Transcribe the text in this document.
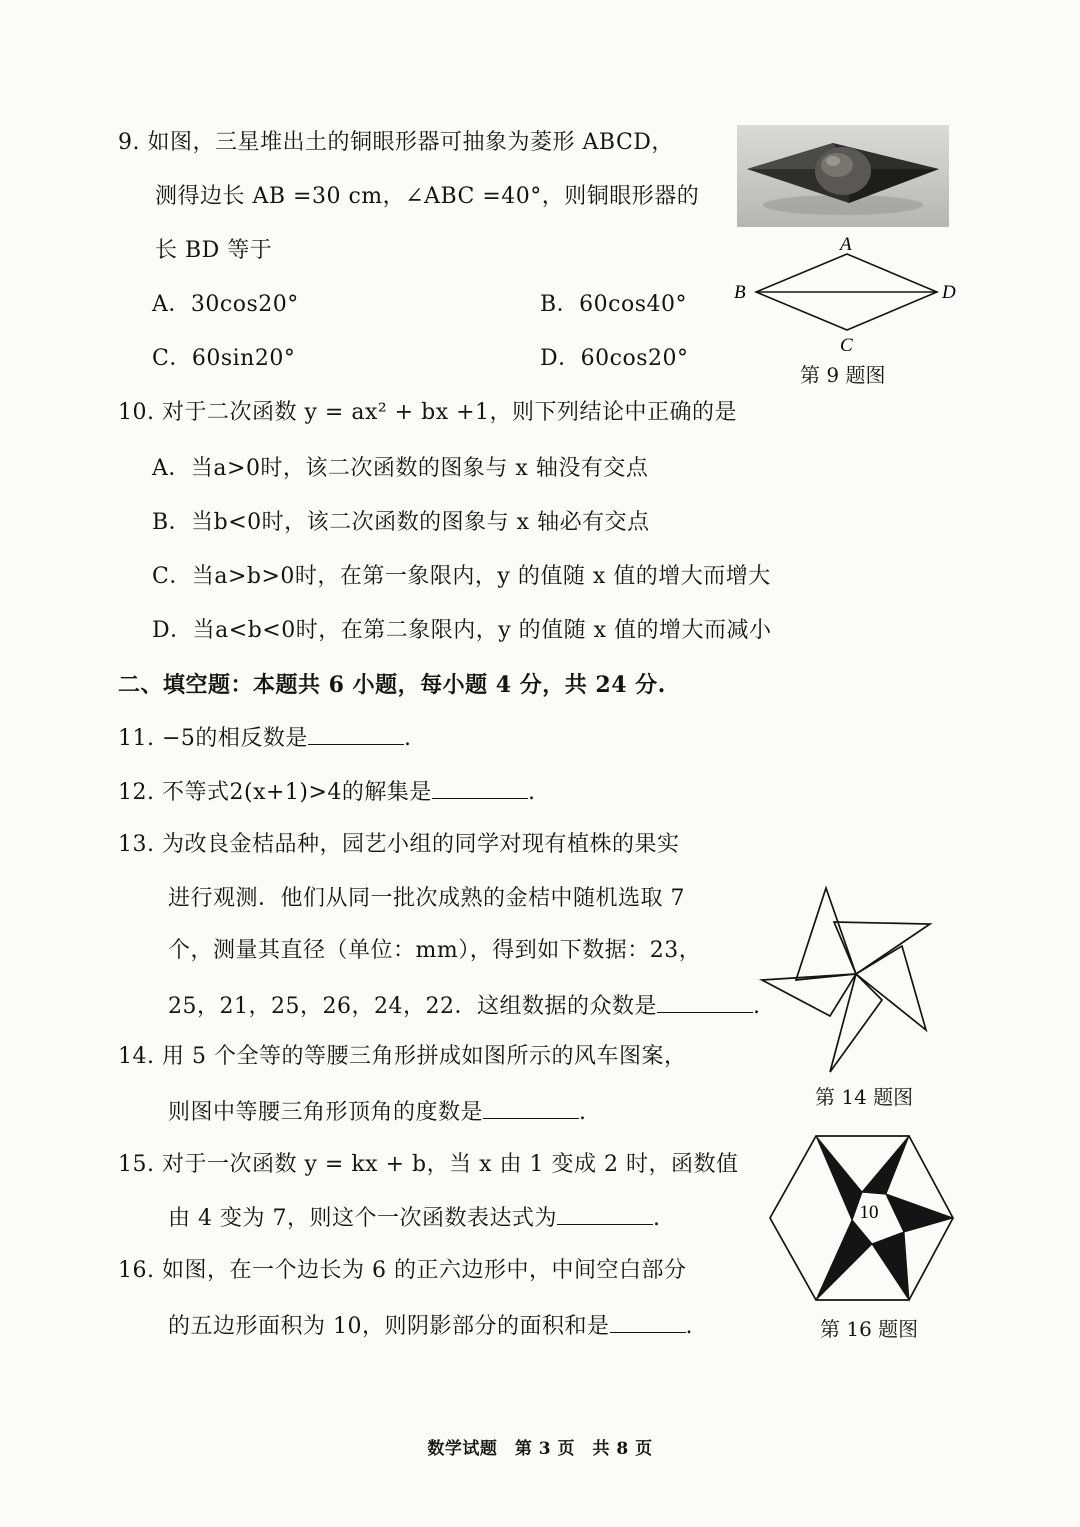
9. 如图，三星堆出土的铜眼形器可抽象为菱形 ABCD，
测得边长 AB =30 cm，∠ABC =40°，则铜眼形器的
长 BD 等于
A．30cos20°	B．60cos40°
C．60sin20°	D．60cos20°
A
B
C
D
第 9 题图
10. 对于二次函数 y = ax² + bx +1，则下列结论中正确的是
A．当a>0时，该二次函数的图象与 x 轴没有交点
B．当b<0时，该二次函数的图象与 x 轴必有交点
C．当a>b>0时，在第一象限内，y 的值随 x 值的增大而增大
D．当a<b<0时，在第二象限内，y 的值随 x 值的增大而减小
二、填空题：本题共 6 小题，每小题 4 分，共 24 分.
11. −5的相反数是	.
12. 不等式2(x+1)>4的解集是	.
13. 为改良金桔品种，园艺小组的同学对现有植株的果实
进行观测．他们从同一批次成熟的金桔中随机选取 7
个，测量其直径（单位：mm），得到如下数据：23，
25，21，25，26，24，22．这组数据的众数是	.
14. 用 5 个全等的等腰三角形拼成如图所示的风车图案，
则图中等腰三角形顶角的度数是	.
第 14 题图
15. 对于一次函数 y = kx + b，当 x 由 1 变成 2 时，函数值
由 4 变为 7，则这个一次函数表达式为	.
16. 如图，在一个边长为 6 的正六边形中，中间空白部分
的五边形面积为 10，则阴影部分的面积和是	.
10
第 16 题图
数学试题　第 3 页　共 8 页
